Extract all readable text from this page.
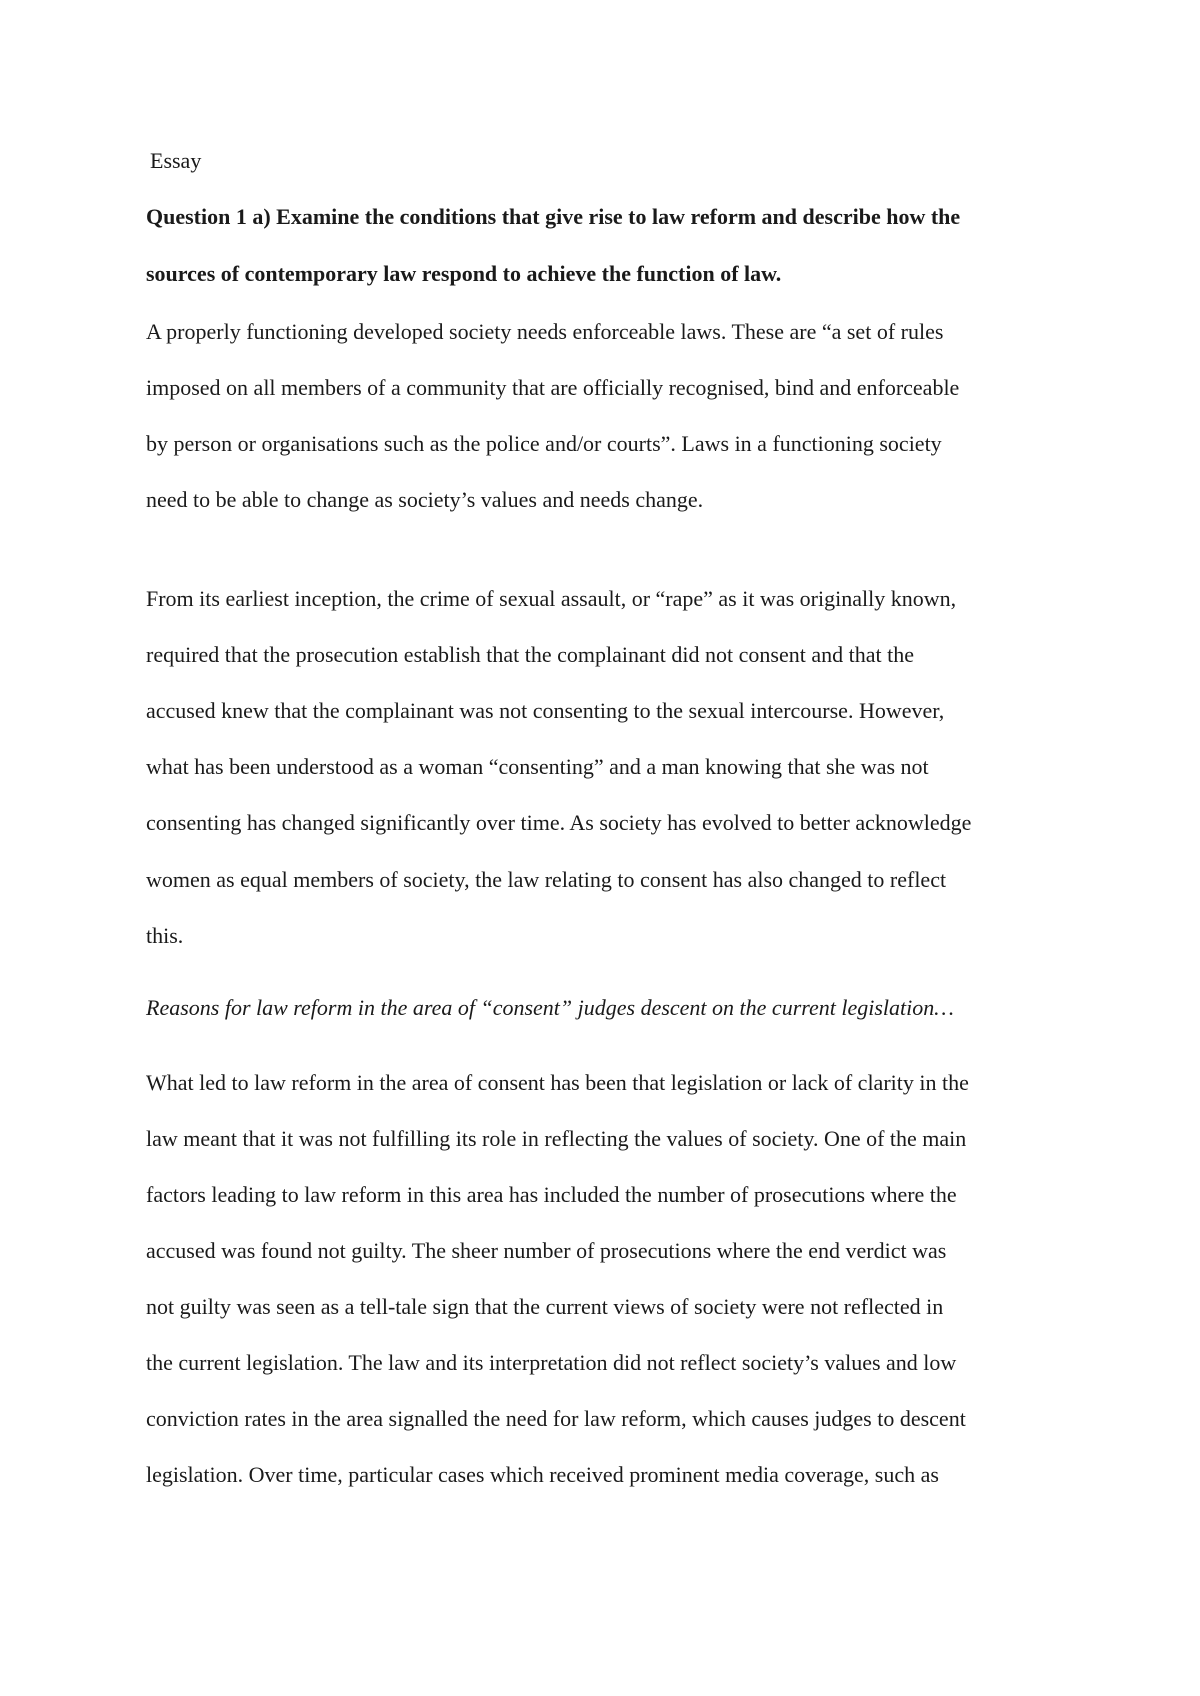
Essay

Question 1 a) Examine the conditions that give rise to law reform and describe how the

sources of contemporary law respond to achieve the function of law.

A properly functioning developed society needs enforceable laws. These are “a set of rules

imposed on all members of a community that are officially recognised, bind and enforceable

by person or organisations such as the police and/or courts”. Laws in a functioning society

need to be able to change as society’s values and needs change.

From its earliest inception, the crime of sexual assault, or “rape” as it was originally known,

required that the prosecution establish that the complainant did not consent and that the

accused knew that the complainant was not consenting to the sexual intercourse. However,

what has been understood as a woman “consenting” and a man knowing that she was not

consenting has changed significantly over time. As society has evolved to better acknowledge

women as equal members of society, the law relating to consent has also changed to reflect

this.

Reasons for law reform in the area of “consent” judges descent on the current legislation…

What led to law reform in the area of consent has been that legislation or lack of clarity in the

law meant that it was not fulfilling its role in reflecting the values of society. One of the main

factors leading to law reform in this area has included the number of prosecutions where the

accused was found not guilty. The sheer number of prosecutions where the end verdict was

not guilty was seen as a tell-tale sign that the current views of society were not reflected in

the current legislation. The law and its interpretation did not reflect society’s values and low

conviction rates in the area signalled the need for law reform, which causes judges to descent

legislation. Over time, particular cases which received prominent media coverage, such as
